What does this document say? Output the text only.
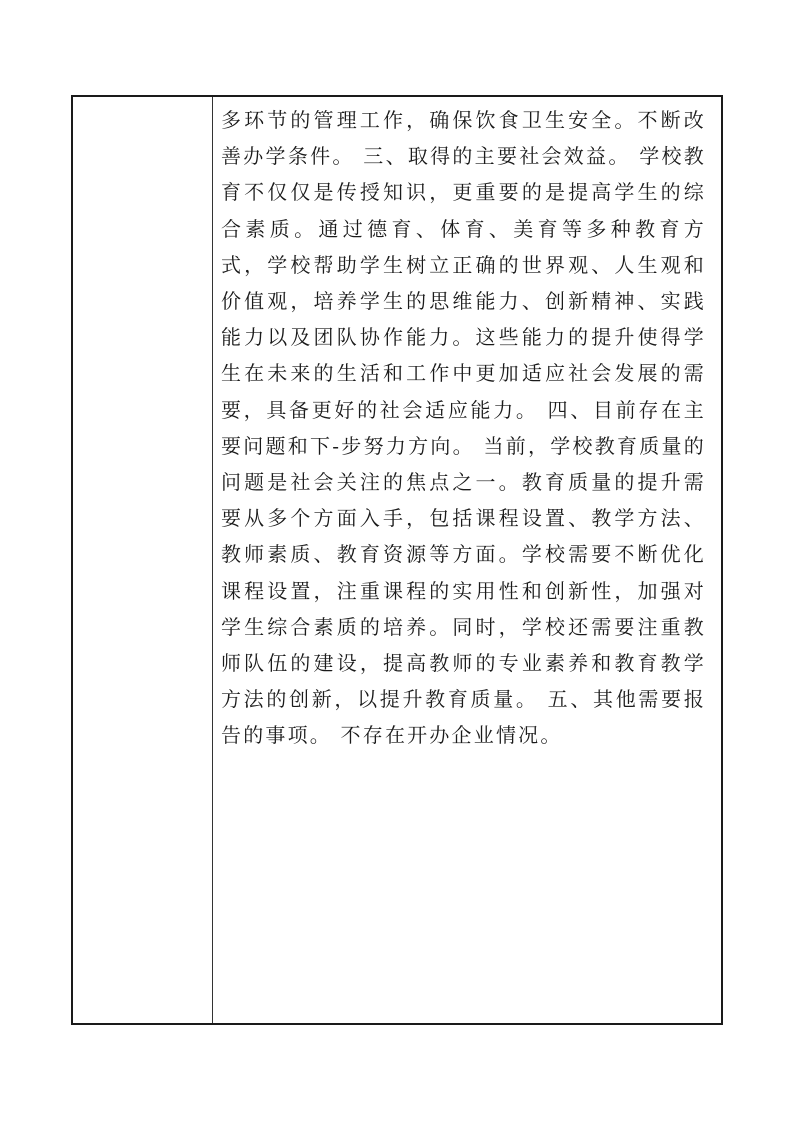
多环节的管理工作，确保饮食卫生安全。不断改善办学条件。 三、取得的主要社会效益。 学校教育不仅仅是传授知识，更重要的是提高学生的综合素质。通过德育、体育、美育等多种教育方式，学校帮助学生树立正确的世界观、人生观和价值观，培养学生的思维能力、创新精神、实践能力以及团队协作能力。这些能力的提升使得学生在未来的生活和工作中更加适应社会发展的需要，具备更好的社会适应能力。 四、目前存在主要问题和下-步努力方向。 当前，学校教育质量的问题是社会关注的焦点之一。教育质量的提升需要从多个方面入手，包括课程设置、教学方法、教师素质、教育资源等方面。学校需要不断优化课程设置，注重课程的实用性和创新性，加强对学生综合素质的培养。同时，学校还需要注重教师队伍的建设，提高教师的专业素养和教育教学方法的创新，以提升教育质量。 五、其他需要报告的事项。 不存在开办企业情况。
